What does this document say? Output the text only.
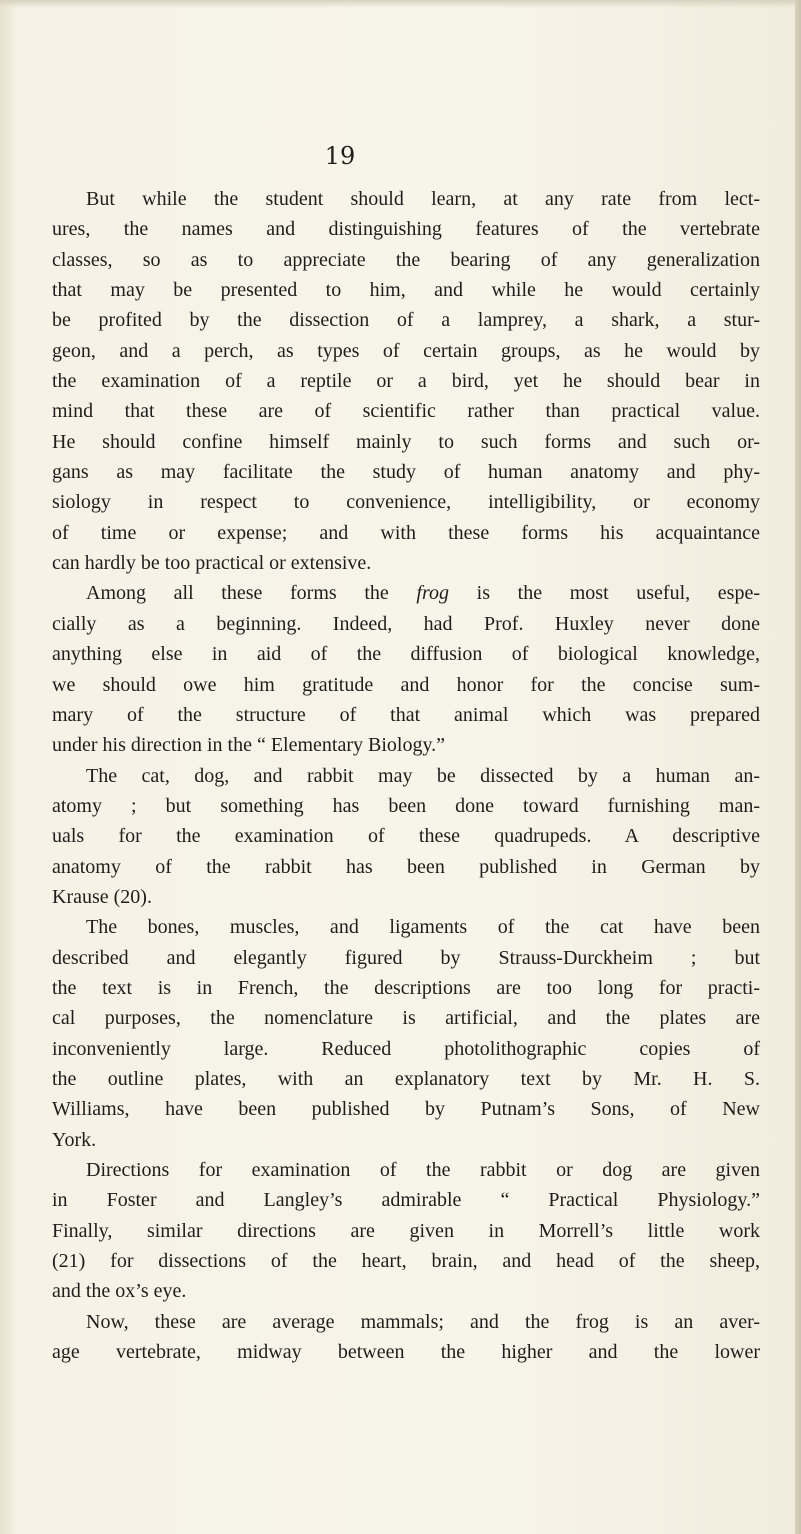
19

But while the student should learn, at any rate from lect-
ures, the names and distinguishing features of the vertebrate
classes, so as to appreciate the bearing of any generalization
that may be presented to him, and while he would certainly
be profited by the dissection of a lamprey, a shark, a stur-
geon, and a perch, as types of certain groups, as he would by
the examination of a reptile or a bird, yet he should bear in
mind that these are of scientific rather than practical value.
He should confine himself mainly to such forms and such or-
gans as may facilitate the study of human anatomy and phy-
siology in respect to convenience, intelligibility, or economy
of time or expense; and with these forms his acquaintance
can hardly be too practical or extensive.
Among all these forms the frog is the most useful, espe-
cially as a beginning. Indeed, had Prof. Huxley never done
anything else in aid of the diffusion of biological knowledge,
we should owe him gratitude and honor for the concise sum-
mary of the structure of that animal which was prepared
under his direction in the “ Elementary Biology.”
The cat, dog, and rabbit may be dissected by a human an-
atomy ; but something has been done toward furnishing man-
uals for the examination of these quadrupeds. A descriptive
anatomy of the rabbit has been published in German by
Krause (20).
The bones, muscles, and ligaments of the cat have been
described and elegantly figured by Strauss-Durckheim ; but
the text is in French, the descriptions are too long for practi-
cal purposes, the nomenclature is artificial, and the plates are
inconveniently large. Reduced photolithographic copies of
the outline plates, with an explanatory text by Mr. H. S.
Williams, have been published by Putnam’s Sons, of New
York.
Directions for examination of the rabbit or dog are given
in Foster and Langley’s admirable “ Practical Physiology.”
Finally, similar directions are given in Morrell’s little work
(21) for dissections of the heart, brain, and head of the sheep,
and the ox’s eye.
Now, these are average mammals; and the frog is an aver-
age vertebrate, midway between the higher and the lower
